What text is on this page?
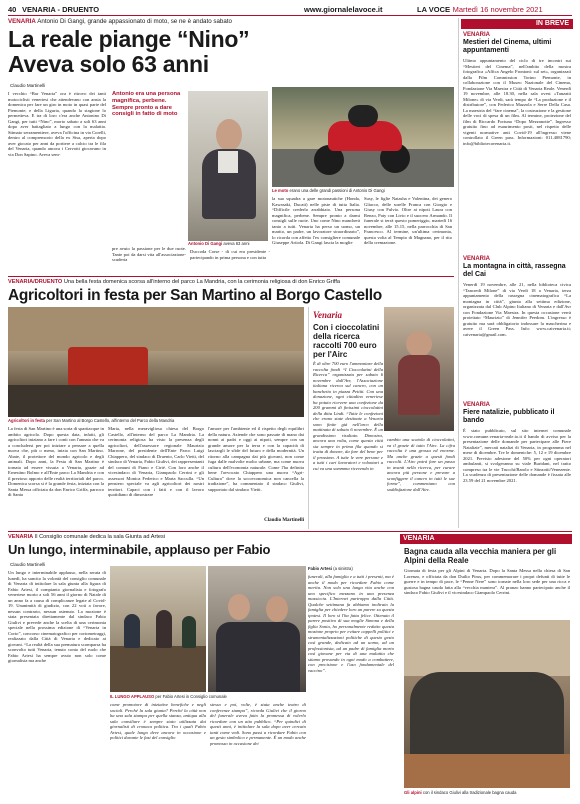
40 VENARIA - DRUENTO	www.giornalelavoce.it	LA VOCE
- Martedì 16 novembre 2021
VENARIA Antonio Di Gangi, grande appassionato di moto, se ne è andato sabato
La reale piange “Nino”
Aveva solo 63 anni
Claudio Martinelli
I vecchio “Bar Venaria” ora è ritrovo dei tanti motociclisti veneriesi che attendevano con ansia la domenica per fare un giro in moto in quasi parte del Piemonte, e della Liguria, quando la stagione lo permetteva. E tra di loro c'era anche Antonino Di Gangi, per tutti “Nino”, morto sabato a soli 63 anni dopo aver battagliato a lungo con la malattia. Stimato serramentiere, aveva l'officina in via Corelli, dentro al comprensorio della ex Sisa, aperta dopo aver giocato per anni da portiere a calcio tra le fila del Venaria, quando ancora i Cervotti giocavano in via Don Sapino. Aveva sem-
Antonio era una persona magnifica, perbene. Sempre pronto a dare consigli in fatto di moto
Antonio Di Gangi aveva 63 anni
pre avuto la passione per le due ruote. Tante poi da darsi vita all'associazione-scuderia
Duccoda Corse - di cui era presidente - partecipando in prima persona e con tutta
Le moto erano una delle grandi passioni di Antonio Di Gangi
la sua squadra a gare motonautiche (Honda, Kawasaki, Ducati) nelle piste di tutta Italia. “Difficile crederlo arrabbiato. Una persona magnifica, perbene. Sempre pronto a darmi consigli sulle ruote. Uno come Nino mancherà tanto a tutti. Venaria ha perso un uomo, un marito, un padre, un lavoratore straordinario”, lo ricorda con affetto l'ex consigliere comunale Giuseppe Artiola. Di Gangi lascia la moglie
Susy, le figlie Natasha e Valentina, dei genero Gliacco, delle sorelle Franca con Giorgio e Giusy con Fulvio. Oltre ai nipoti Laura con Renzo, Paty con Livio e il suocero Armando. Il funerale si terrà questo pomeriggio, martedì 16 novembre, alle 15.15, nella parrocchia di San Francesco. Al termine, un'ultima cerimonia, questa volta al Tempio di Magnano, per il rito della cremazione.
VENARIA/DRUENTO Una bella festa domenica scorsa all'interno del parco La Mandria, con la cerimonia religiosa di don Enrico Griffa
Agricoltori in festa per San Martino al Borgo Castello
Agricoltori in festa per San Martino al Borgo Castello, all'interno del Parco della Mandria
La festa di San Martino è una sorta di spartiacque in ambito agricolo. Dopo questa data, infatti, gli agricoltori iniziano a fare i conti con l'annata che va a concludersi per poi iniziare a pensare a quella nuova che, più o meno, inizia con San Martino. Abate, il protettore del mondo agricolo e degli animali. Dopo anni, la Festa di San Martino è tornata ad essere vissuta a Venaria, grazie ad Ernestino Bolmo e all'Ente parco La Mandria e con il prezioso apporto delle realtà territoriali del parco. Domenica scorsa si è la grande festa, iniziata con la Santa Messa officiata da don Enrico Griffa, parroco di Santa
Maria, nella meravigliosa chiesa del Borgo Castello, all'interno del parco La Mandria. La cerimonia religiosa ha visto la presenza degli agricoltori, dell'assessore regionale Maurizio Marrone, del presidente dell'Ente Parco Luigi Chiappero, del sindaco di Druento, Carlo Vietti, del sindaco di Venaria, Fabio Giulivi, dei rappresentanti del comuni di Fiano e Cirié. Con loro anche il vicesindaco di Venaria, Giampaolo Cerrini e gli assessori Monica Federico e Marta Sacculla. “Un pensiero speciale va agli agricoltori dei nostri territori. Capaci con i fatti e con il lavoro quotidiano di dimostrare
l'amore per l'ambiente ed il rispetto degli equilibri della natura. Aziende che sono passate di mano dai nonni ai padri e oggi ai nipoti, sempre con un grande amore per la terra e con la capacità di lasciargli le sfide del futuro e della modernità. Un ritorno alla campagna dai più giovani, non come fuga dalle malvolte molto urbane, ma come nuova cultura dell'economia naturale. Come l'ha definita bene l'avvocato Chiappero una nuova “Agri-Cultura” dove la socceconomica non cancella la tradizione”, ha commentato il sindaco Giulivi, supportato dal sindaco Vietti.
Claudio Martinelli
Venaria
Con i cioccolatini della ricerca raccolti 700 euro per l'Airc
È di oltre 700 euro l'ammontare della raccolta fondi “I Cioccolatini della Ricerca” organizzata per sabato 6 novembre dall'Avr, l'Associazione italiana ricerca sul cancro, con un banchetto in piazza Pettiti. Con una donazione, ogni cittadino veneriese ha potuto ricevere una confezione da 200 grammi di finissimi cioccolatini della ditta Lindt. “Tutte le confezioni che erano state destinate a Venaria sono finite già nell'arco della mattinata di sabato 6 novembre. È un grandissimo risultato. Dimostra, ancora una volta, come questa città sia sempre in prima fila quando si tratta di donare, da fare del bene per il prossimo. A tutte le vere persone e a tutti i cari lavoratori e volontari a cui va una sommma ricevendo in
cambio una scatola di cioccolatini, va il grazie di tutto l'Airc. La cifra raccolta è una grossa ed enorme. Ma anche grazie a questi fondi raccolti. L'Airc potrà fare un passo in avanti nella ricerca, per curare ancora più persone e prevare a sconfiggere il cancro in tutti le sue forme”, commentano con soddisfazione dall'Airc.
VENARIA Il Consiglio comunale dedica la sala Giunta ad Artesi
Un lungo, interminabile, applauso per Fabio
Claudio Martinelli
Un lungo e interminabile applauso, nella serata di lunedì, ha sancito la volontà del consiglio comunale di Venaria di intitolare la sala giunta alla figura di Fabio Artesi, il compianto giornalista e fotografo veneriese morto a soli 56 anni il giorno di Natale di un anno fa a causa di complicanze legate al Covid-19. Unanimità di giudizio, con 22 voti a favore, nessun contrario, nessun astenuto. La mozione è stata presentata direttamente dal sindaco Fabio Giulivi e prevede anche la scelta di una cerimonia speciale nella prossima edizione di “Venaria in Corto”, concorso cinematografico per cortometraggi, realizzato dalla Città di Venaria e dedicato ai giovani. “La realtà della sua prematura scomparsa ha sconvolto tutti Venaria, tenuto conto del ruolo che Fabio Artesi ha sempre avuto non solo come giornalista ma anche
IL LUNGO APPLAUSO per Fabio Artesi in Consiglio comunale
Fabio Artesi (a sinistra)
come promotore di iniziative benefiche e negli sociali. Perché la sala giunta? Perché la città non ha una sala stampa per quella stanza, antiqua alla sala consiliare è sempre stato utilizzata dai giornalisti di cronaca politica. Tra i quali Fabio Artesi, quale lungo deve ancora in occasione e politici durante le fasi del consiglio
stesso e poi, volte, è stata anche teatro di conferenze stampa”, ricorda Giulivi che il giorno del funerale aveva fatto la promessa di volerlo ricordare con un atto pubblico. “Per quindici di questi anni, è intitolare la sala dopo aver cercato tanti come vedi. Sono passi a ricordare Fabio con un gesto simbolico e permanente. È un modo anche promosso in occasione dei
funerali, alla famiglia e a tutti i presenti, ma è anche il modo per ricordare Fabio come merita. Non solo una lunga vita anche con uno specifico mezzano in una presenza massiccia. L'Internet purtroppo dalla Città. Qualche settimana fa abbiamo inoltrato la famiglia per chiedere loro un parere su questa ipotesi. Il loro sì l'ha fatta felice. Ottenuto il parere positivo di sua moglie Simona e della figlia Sonia, ho personalmente redatto questa mozione proprio per evitare cappelli politici e strumentalizzazioni politiche di questo gesto così grande, dedicato ad un uomo, ad un professionista, ad un padre di famiglia morto così giovane per via di una malattia che stiamo provando in ogni modo a combattere, con precisione e l'uso fondamentale del vaccino”.
VENARIA
Bagna cauda alla vecchia maniera per gli Alpini della Reale
Giornata di festa per gli Alpini di Venaria. Dopo la Santa Messa nella chiesa di San Lorenzo, e officiata da don Duilio Pirus, per commemorare i propri defunti di tutte le guerre e in tempo di pace, le “Penne Nere” sono tornate nella loro sede per una ricca e gustosa bagna cauda fatta alla “vecchia maniera”. Al pranzo hanno partecipato anche il sindaco Fabio Giulivi e il vicesindaco Giampaolo Cerrini.
Gli alpini con il sindaco Giulivi alla tradizionale bagna cauda
IN BREVE
VENARIA
Mestieri del Cinema, ultimi appuntamenti
Ultimo appuntamento del ciclo di tre incontri sui “Mestieri del Cinema”, nell'ambito della mostra fotografica «Affica Angelo Frontoni: sul set», organizzati dalla Film Commission Torino Piemonte, in collaborazione con il Museo Nazionale del Cinema, Fondazione Via Maestra e Città di Venaria Reale. Venerdì 19 novembre, alle 18.30, nella sala ovest «Tanzatti Milone» di via Verdi, sarà tempo de “La produzione e il distributore”, con Federico Mazzola e Serre Della Casa. La maestria del “fare cinema”, la costruzione e la gestione delle voci di spesa di un film. Al termine, proiezione del film di Riccardo Fortuna “Dopo Mezzanotte”. Ingresso gratuito fino ad esaurimento posti, nel rispetto delle vigenti normative anti Covid-19 all'ingresso viene controllato il Green pass. Informazioni: 011.4081790; info@bibliotecavenaria.it.
VENARIA
La montagna in città, rassegna del Cai
Venerdì 19 novembre, alle 21, nella biblioteca civica “Tancredi Milone” di via Verdi 18 a Venaria, terza appuntamento della rassegna cinematografica “La montagna in città”, giunta alla settima edizione, organizzata dal Club Alpino Italiano di Venaria e dall'Avr con Fondazione Via Maestra. In questa occasione verrà proiettato “Maurizio” di Jennifer Peedom. L'ingresso è gratuito ma sarà obbligatorio indossare la mascherina e avere il Green Pass. Info: www.caivenaria.it; caivenaria@gmail.com.
VENARIA
Fiere natalizie, pubblicato il bando
È stato pubblicato, sul sito internet comunale www.comune.venaria-reale.to.it il bando di avviso per la presentazione delle domande per partecipare alle Fiere Natalizie”, mercati natalizi di Venaria, in programma nel mese di dicembre. Tre le domeniche: 5, 12 e 19 dicembre 2021. Previsto adesione del 50% per ogni operatori ambulanti, si svolgeranno su viale Buridani, nel tratto compreso tra le vie Trucchi/Barolo e Stinzotti/Venezente. La scadenza di presentazione delle domande è fissata alle 23.59 del 21 novembre 2021.
